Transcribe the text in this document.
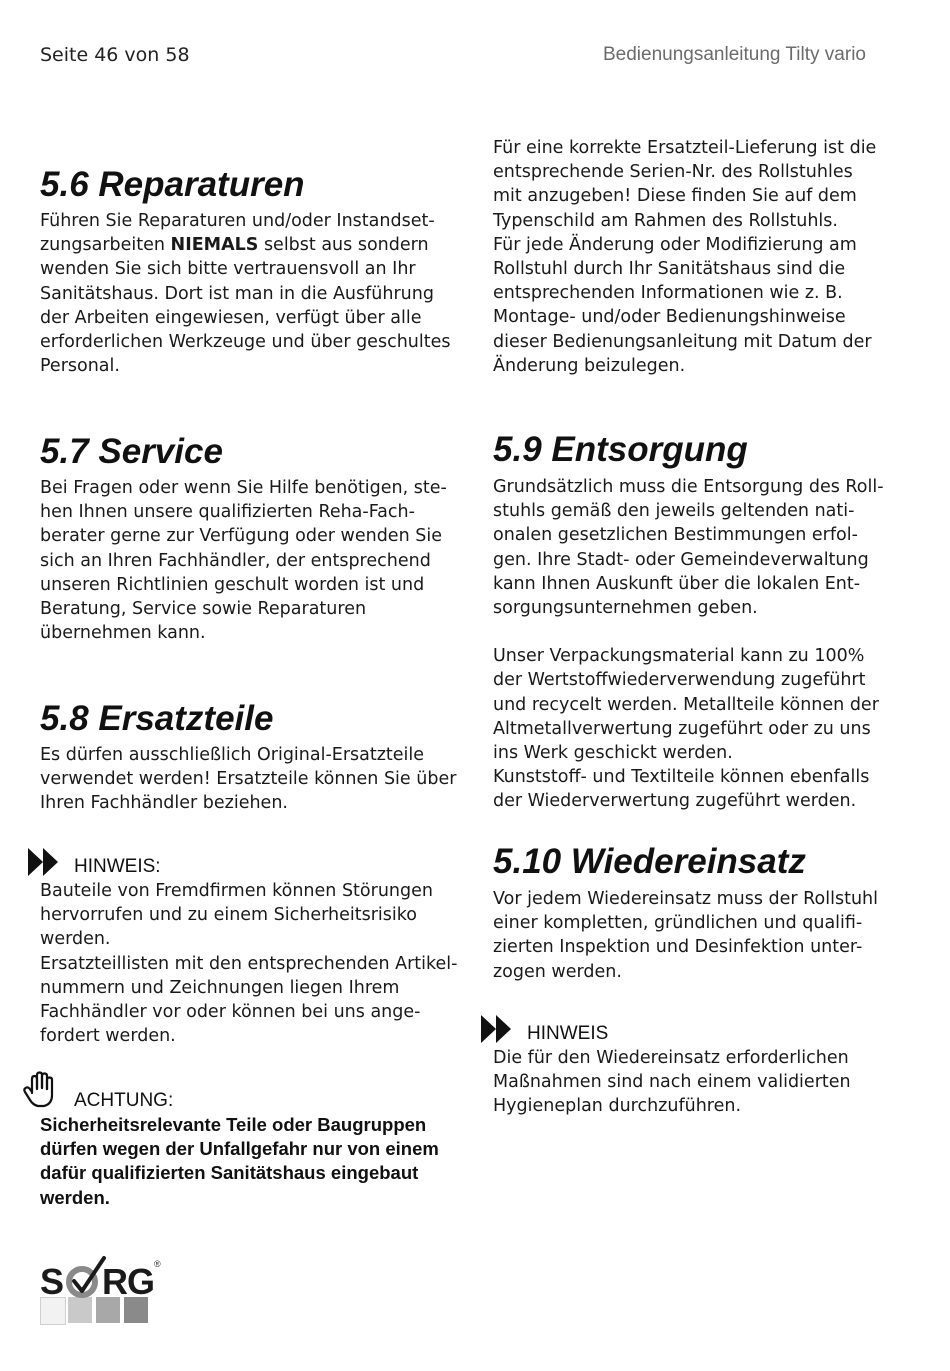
Seite 46 von 58	Bedienungsanleitung Tilty vario
5.6 Reparaturen
Führen Sie Reparaturen und/oder Instandset-
zungsarbeiten NIEMALS selbst aus sondern
wenden Sie sich bitte vertrauensvoll an Ihr
Sanitätshaus. Dort ist man in die Ausführung
der Arbeiten eingewiesen, verfügt über alle
erforderlichen Werkzeuge und über geschultes
Personal.
5.7 Service
Bei Fragen oder wenn Sie Hilfe benötigen, ste-
hen Ihnen unsere qualifizierten Reha-Fach-
berater gerne zur Verfügung oder wenden Sie
sich an Ihren Fachhändler, der entsprechend
unseren Richtlinien geschult worden ist und
Beratung, Service sowie Reparaturen
übernehmen kann.
5.8 Ersatzteile
Es dürfen ausschließlich Original-Ersatzteile
verwendet werden! Ersatzteile können Sie über
Ihren Fachhändler beziehen.
HINWEIS:
Bauteile von Fremdfirmen können Störungen
hervorrufen und zu einem Sicherheitsrisiko
werden.
Ersatzteillisten mit den entsprechenden Artikel-
nummern und Zeichnungen liegen Ihrem
Fachhändler vor oder können bei uns ange-
fordert werden.
ACHTUNG:
Sicherheitsrelevante Teile oder Baugruppen
dürfen wegen der Unfallgefahr nur von einem
dafür qualifizierten Sanitätshaus eingebaut
werden.
Für eine korrekte Ersatzteil-Lieferung ist die
entsprechende Serien-Nr. des Rollstuhles
mit anzugeben! Diese finden Sie auf dem
Typenschild am Rahmen des Rollstuhls.
Für jede Änderung oder Modifizierung am
Rollstuhl durch Ihr Sanitätshaus sind die
entsprechenden Informationen wie z. B.
Montage- und/oder Bedienungshinweise
dieser Bedienungsanleitung mit Datum der
Änderung beizulegen.
5.9 Entsorgung
Grundsätzlich muss die Entsorgung des Roll-
stuhls gemäß den jeweils geltenden nati-
onalen gesetzlichen Bestimmungen erfol-
gen. Ihre Stadt- oder Gemeindeverwaltung
kann Ihnen Auskunft über die lokalen Ent-
sorgungsunternehmen geben.
Unser Verpackungsmaterial kann zu 100%
der Wertstoffwiederverwendung zugeführt
und recycelt werden. Metallteile können der
Altmetallverwertung zugeführt oder zu uns
ins Werk geschickt werden.
Kunststoff- und Textilteile können ebenfalls
der Wiederverwertung zugeführt werden.
5.10 Wiedereinsatz
Vor jedem Wiedereinsatz muss der Rollstuhl
einer kompletten, gründlichen und qualifi-
zierten Inspektion und Desinfektion unter-
zogen werden.
HINWEIS
Die für den Wiedereinsatz erforderlichen
Maßnahmen sind nach einem validierten
Hygieneplan durchzuführen.
S RG ®
